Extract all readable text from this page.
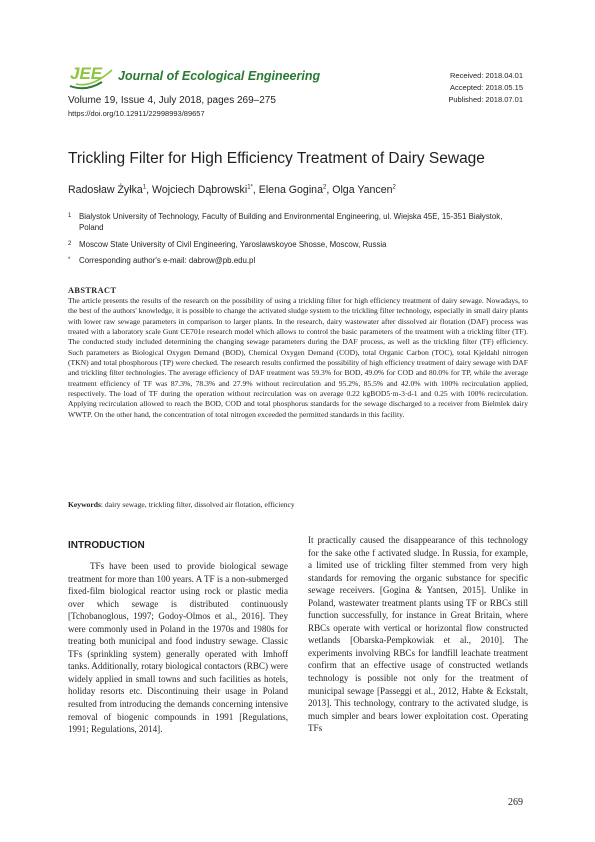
JEE Journal of Ecological Engineering
Volume 19, Issue 4, July 2018, pages 269–275
https://doi.org/10.12911/22998993/89657
Received: 2018.04.01
Accepted: 2018.05.15
Published: 2018.07.01
Trickling Filter for High Efficiency Treatment of Dairy Sewage
Radosław Żyłka$^1$, Wojciech Dąbrowski$^{1*}$, Elena Gogina$^2$, Olga Yancen$^2$
1 Bialystok University of Technology, Faculty of Building and Environmental Engineering, ul. Wiejska 45E, 15-351 Białystok, Poland
2 Moscow State University of Civil Engineering, Yaroslawskoyoe Shosse, Moscow, Russia
* Corresponding author's e-mail: dabrow@pb.edu.pl
ABSTRACT
The article presents the results of the research on the possibility of using a trickling filter for high efficiency treatment of dairy sewage. Nowadays, to the best of the authors' knowledge, it is possible to change the activated sludge system to the trickling filter technology, especially in small dairy plants with lower raw sewage parameters in comparison to larger plants. In the research, dairy wastewater after dissolved air flotation (DAF) process was treated with a laboratory scale Gunt CE701e research model which allows to control the basic parameters of the treatment with a trickling filter (TF). The conducted study included determining the changing sewage parameters during the DAF process, as well as the trickling filter (TF) efficiency. Such parameters as Biological Oxygen Demand (BOD), Chemical Oxygen Demand (COD), total Organic Carbon (TOC), total Kjeldahl nitrogen (TKN) and total phosphorous (TP) were checked. The research results confirmed the possibility of high efficiency treatment of dairy sewage with DAF and trickling filter technologies. The average efficiency of DAF treatment was 59.3% for BOD, 49.0% for COD and 80.0% for TP, while the average treatment efficiency of TF was 87.3%, 78.3% and 27.9% without recirculation and 95.2%, 85.5% and 42.0% with 100% recirculation applied, respectively. The load of TF during the operation without recirculation was on average 0.22 kgBOD5·m-3·d-1 and 0.25 with 100% recirculation. Applying recirculation allowed to reach the BOD, COD and total phosphorus standards for the sewage discharged to a receiver from Bielmlek dairy WWTP. On the other hand, the concentration of total nitrogen exceeded the permitted standards in this facility.
Keywords: dairy sewage, trickling filter, dissolved air flotation, efficiency
INTRODUCTION

TFs have been used to provide biological sewage treatment for more than 100 years. A TF is a non-submerged fixed-film biological reactor using rock or plastic media over which sewage is distributed continuously [Tchobanoglous, 1997; Godoy-Olmos et al., 2016]. They were commonly used in Poland in the 1970s and 1980s for treating both municipal and food industry sewage. Classic TFs (sprinkling system) generally operated with Imhoff tanks. Additionally, rotary biological contactors (RBC) were widely applied in small towns and such facilities as hotels, holiday resorts etc. Discontinuing their usage in Poland resulted from introducing the demands concerning intensive removal of biogenic compounds in 1991 [Regulations, 1991; Regulations, 2014].

It practically caused the disappearance of this technology for the sake othe f activated sludge. In Russia, for example, a limited use of trickling filter stemmed from very high standards for removing the organic substance for specific sewage receivers. [Gogina & Yantsen, 2015]. Unlike in Poland, wastewater treatment plants using TF or RBCs still function successfully, for instance in Great Britain, where RBCs operate with vertical or horizontal flow constructed wetlands [Obarska-Pempkowiak et al., 2010]. The experiments involving RBCs for landfill leachate treatment confirm that an effective usage of constructed wetlands technology is possible not only for the treatment of municipal sewage [Passeggi et al., 2012, Habte & Eckstalt, 2013]. This technology, contrary to the activated sludge, is much simpler and bears lower exploitation cost. Operating TFs

269
